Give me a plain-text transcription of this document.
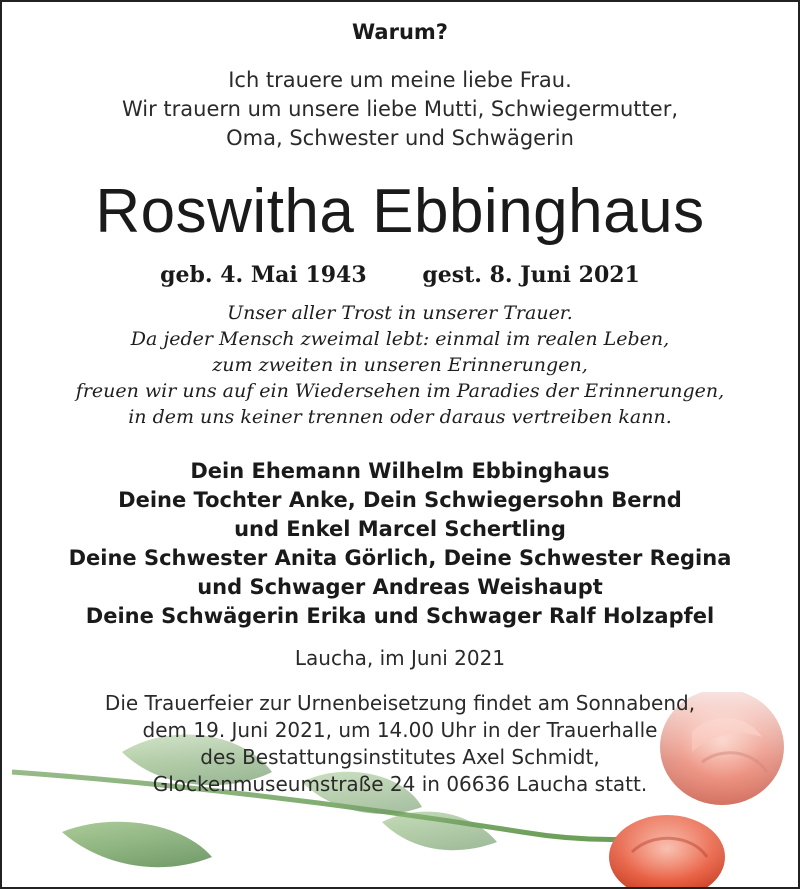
Warum?
Ich trauere um meine liebe Frau.
Wir trauern um unsere liebe Mutti, Schwiegermutter,
Oma, Schwester und Schwägerin
Roswitha Ebbinghaus
geb. 4. Mai 1943	gest. 8. Juni 2021
Unser aller Trost in unserer Trauer.
Da jeder Mensch zweimal lebt: einmal im realen Leben,
zum zweiten in unseren Erinnerungen,
freuen wir uns auf ein Wiedersehen im Paradies der Erinnerungen,
in dem uns keiner trennen oder daraus vertreiben kann.
Dein Ehemann Wilhelm Ebbinghaus
Deine Tochter Anke, Dein Schwiegersohn Bernd
und Enkel Marcel Schertling
Deine Schwester Anita Görlich, Deine Schwester Regina
und Schwager Andreas Weishaupt
Deine Schwägerin Erika und Schwager Ralf Holzapfel
Laucha, im Juni 2021
Die Trauerfeier zur Urnenbeisetzung findet am Sonnabend,
dem 19. Juni 2021, um 14.00 Uhr in der Trauerhalle
des Bestattungsinstitutes Axel Schmidt,
Glockenmuseumstraße 24 in 06636 Laucha statt.
